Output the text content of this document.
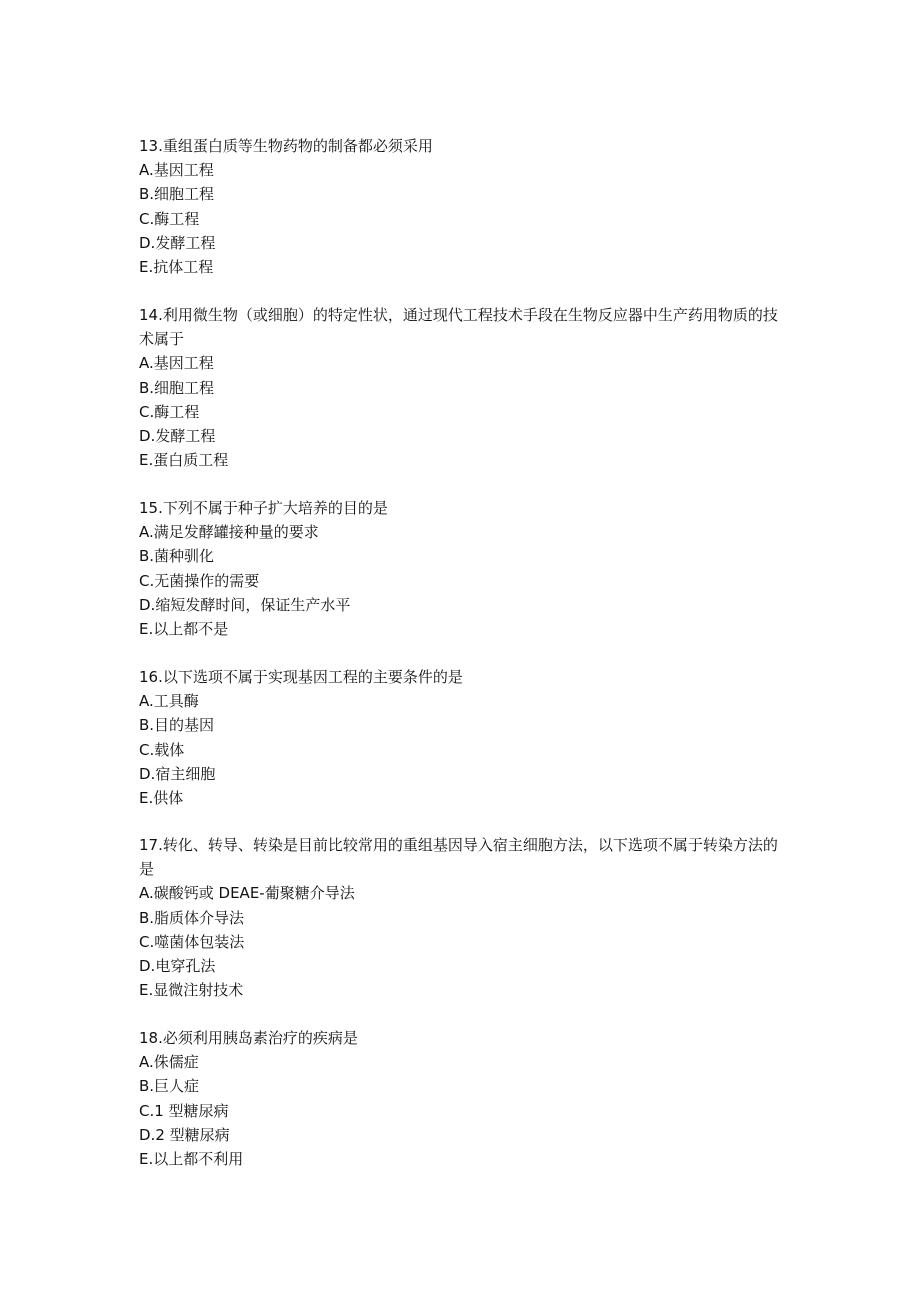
13.重组蛋白质等生物药物的制备都必须采用
A.基因工程
B.细胞工程
C.酶工程
D.发酵工程
E.抗体工程
14.利用微生物（或细胞）的特定性状，通过现代工程技术手段在生物反应器中生产药用物质的技术属于
A.基因工程
B.细胞工程
C.酶工程
D.发酵工程
E.蛋白质工程
15.下列不属于种子扩大培养的目的是
A.满足发酵罐接种量的要求
B.菌种驯化
C.无菌操作的需要
D.缩短发酵时间，保证生产水平
E.以上都不是
16.以下选项不属于实现基因工程的主要条件的是
A.工具酶
B.目的基因
C.载体
D.宿主细胞
E.供体
17.转化、转导、转染是目前比较常用的重组基因导入宿主细胞方法，以下选项不属于转染方法的是
A.碳酸钙或 DEAE-葡聚糖介导法
B.脂质体介导法
C.噬菌体包装法
D.电穿孔法
E.显微注射技术
18.必须利用胰岛素治疗的疾病是
A.侏儒症
B.巨人症
C.1 型糖尿病
D.2 型糖尿病
E.以上都不利用
